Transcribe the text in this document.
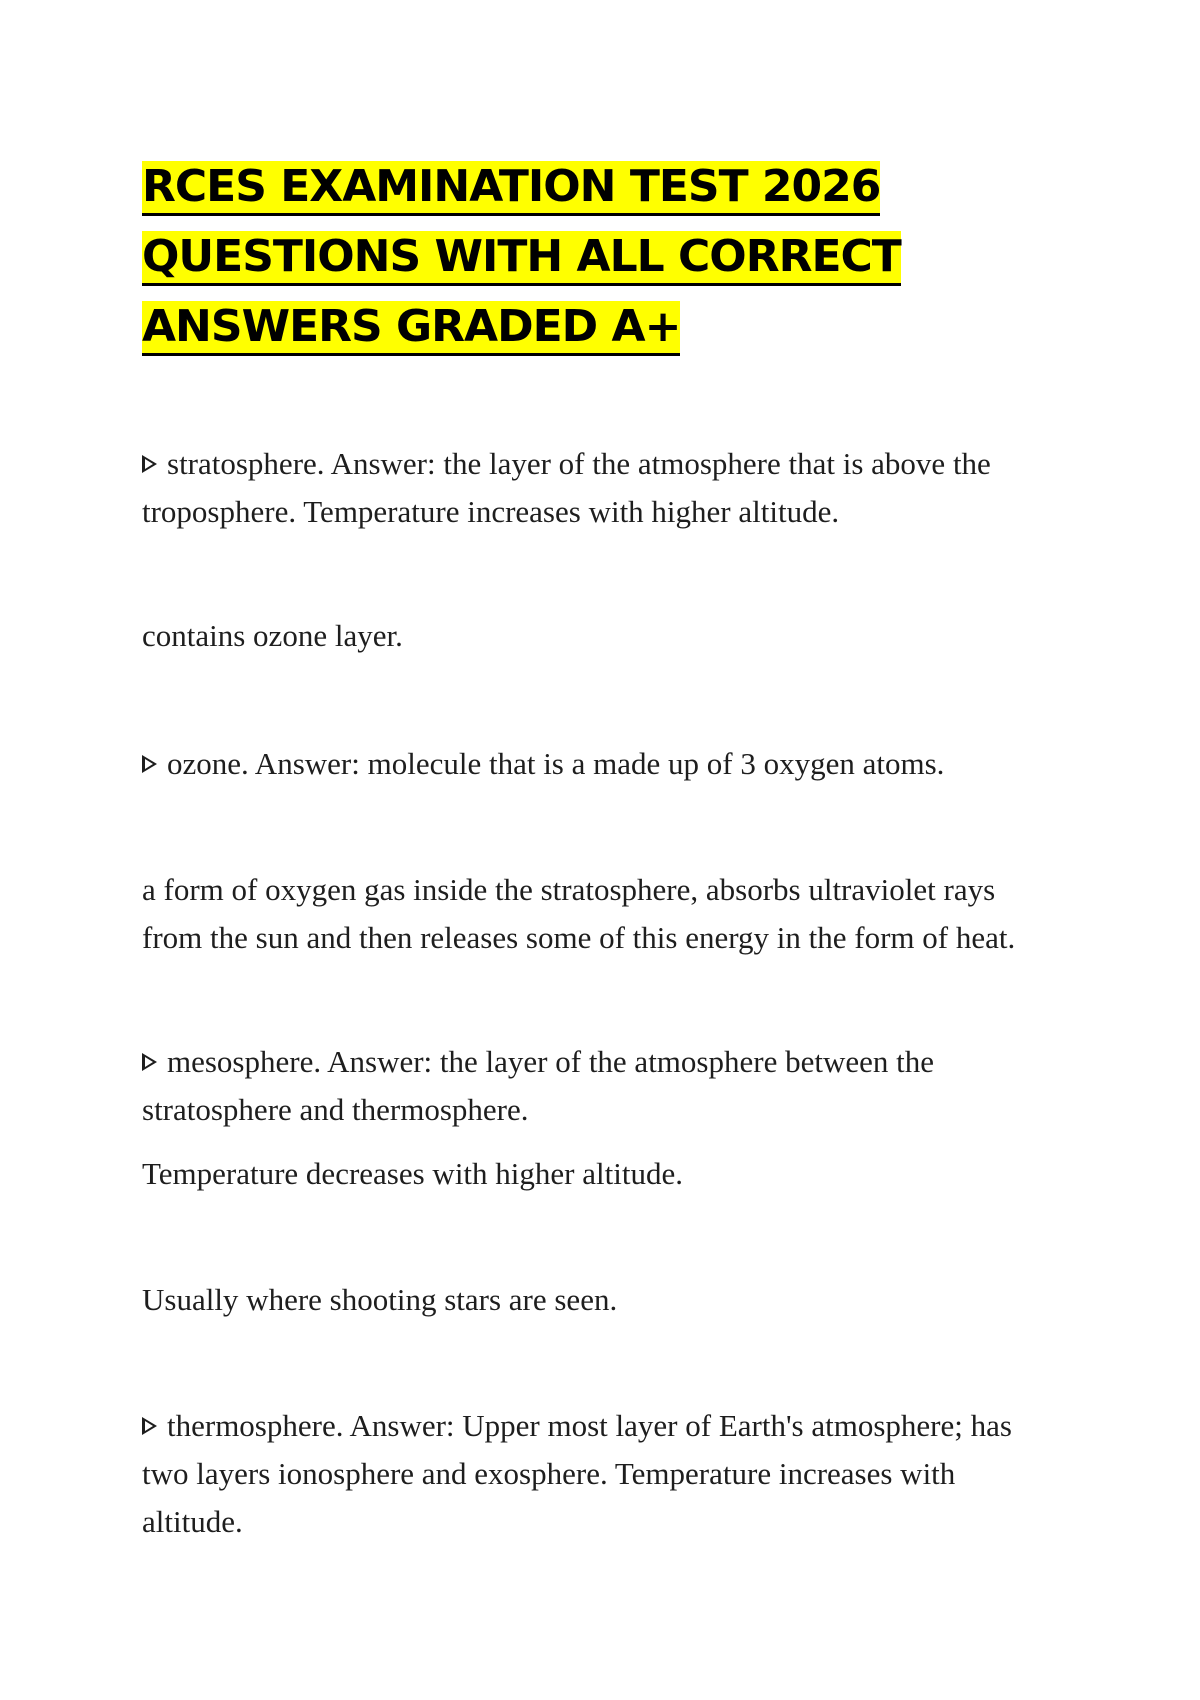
RCES EXAMINATION TEST 2026 QUESTIONS WITH ALL CORRECT ANSWERS GRADED A+

stratosphere. Answer: the layer of the atmosphere that is above the troposphere. Temperature increases with higher altitude.

contains ozone layer.

ozone. Answer: molecule that is a made up of 3 oxygen atoms.

a form of oxygen gas inside the stratosphere, absorbs ultraviolet rays from the sun and then releases some of this energy in the form of heat.

mesosphere. Answer: the layer of the atmosphere between the stratosphere and thermosphere.

Temperature decreases with higher altitude.

Usually where shooting stars are seen.

thermosphere. Answer: Upper most layer of Earth's atmosphere; has two layers ionosphere and exosphere. Temperature increases with altitude.
